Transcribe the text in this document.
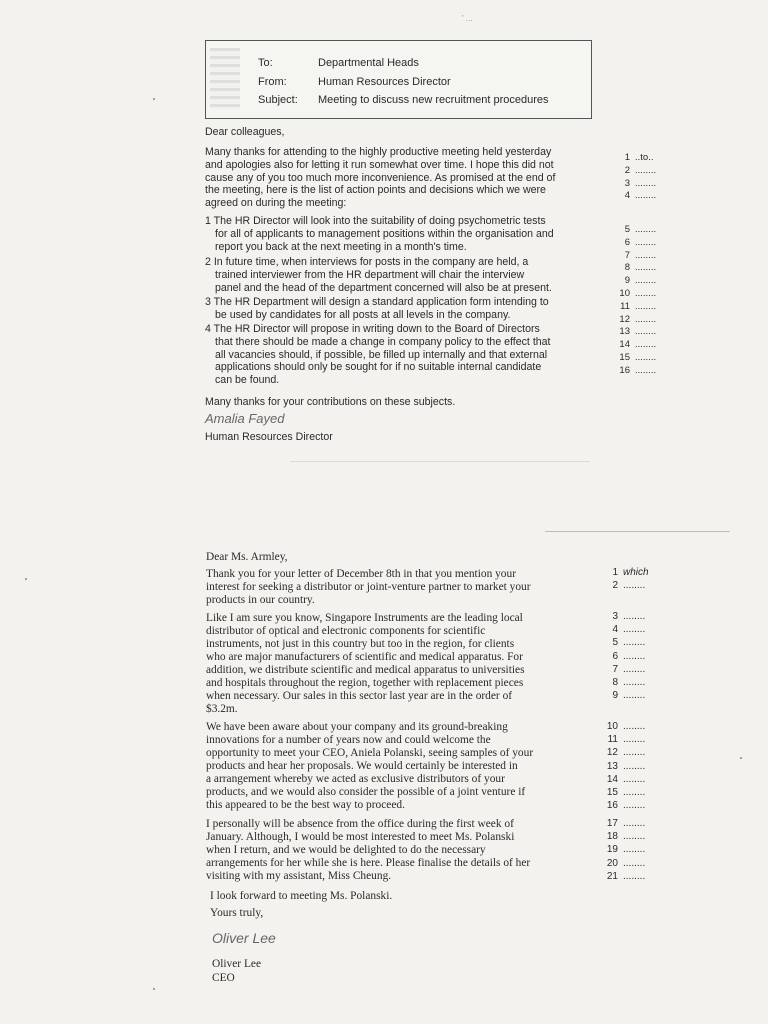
' ...
To:	Departmental Heads
From:	Human Resources Director
Subject: Meeting to discuss new recruitment procedures
Dear colleagues,
Many thanks for attending to the highly productive meeting held yesterday
and apologies also for letting it run somewhat over time. I hope this did not
cause any of you too much more inconvenience. As promised at the end of
the meeting, here is the list of action points and decisions which we were
agreed on during the meeting:
1 The HR Director will look into the suitability of doing psychometric tests
for all of applicants to management positions within the organisation and
report you back at the next meeting in a month's time.
2 In future time, when interviews for posts in the company are held, a
trained interviewer from the HR department will chair the interview
panel and the head of the department concerned will also be at present.
3 The HR Department will design a standard application form intending to
be used by candidates for all posts at all levels in the company.
4 The HR Director will propose in writing down to the Board of Directors
that there should be made a change in company policy to the effect that
all vacancies should, if possible, be filled up internally and that external
applications should only be sought for if no suitable internal candidate
can be found.
Many thanks for your contributions on these subjects.
Amalia Fayed
Human Resources Director
1 ..to..
2 ........
3 ........
4 ........
5 ........
6 ........
7 ........
8 ........
9 ........
10 ........
11 ........
12 ........
13 ........
14 ........
15 ........
16 ........
Dear Ms. Armley,
Thank you for your letter of December 8th in that you mention your
interest for seeking a distributor or joint-venture partner to market your
products in our country.
Like I am sure you know, Singapore Instruments are the leading local
distributor of optical and electronic components for scientific
instruments, not just in this country but too in the region, for clients
who are major manufacturers of scientific and medical apparatus. For
addition, we distribute scientific and medical apparatus to universities
and hospitals throughout the region, together with replacement pieces
when necessary. Our sales in this sector last year are in the order of
$3.2m.
We have been aware about your company and its ground-breaking
innovations for a number of years now and could welcome the
opportunity to meet your CEO, Aniela Polanski, seeing samples of your
products and hear her proposals. We would certainly be interested in
a arrangement whereby we acted as exclusive distributors of your
products, and we would also consider the possible of a joint venture if
this appeared to be the best way to proceed.
I personally will be absence from the office during the first week of
January. Although, I would be most interested to meet Ms. Polanski
when I return, and we would be delighted to do the necessary
arrangements for her while she is here. Please finalise the details of her
visiting with my assistant, Miss Cheung.
I look forward to meeting Ms. Polanski.
Yours truly,
Oliver Lee
Oliver Lee
CEO
1 which
2 ........
3 ........
4 ........
5 ........
6 ........
7 ........
8 ........
9 ........
10 ........
11 ........
12 ........
13 ........
14 ........
15 ........
16 ........
17 ........
18 ........
19 ........
20 ........
21 ........
